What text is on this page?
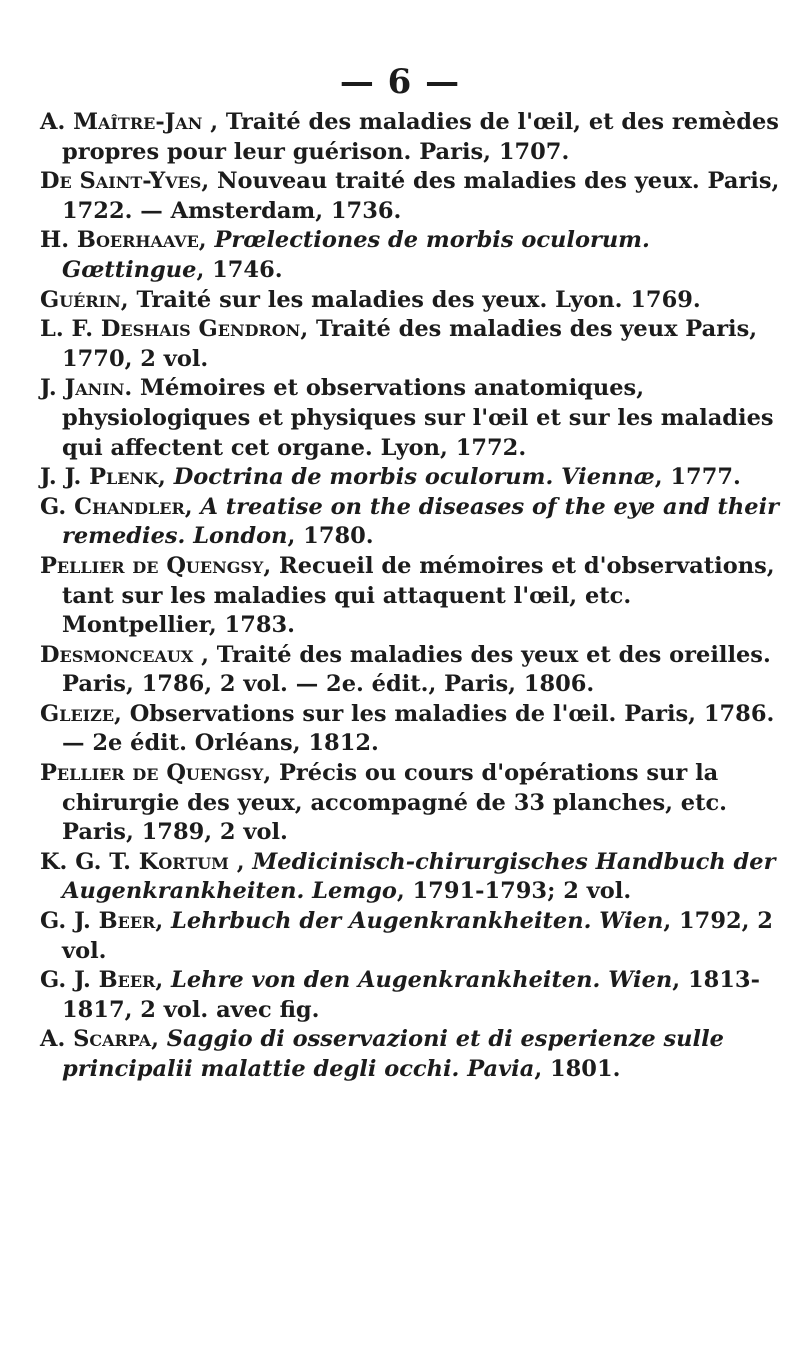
— 6 —
A. Maître-Jan , Traité des maladies de l'œil, et des remèdes propres pour leur guérison. Paris, 1707.
De Saint-Yves, Nouveau traité des maladies des yeux. Paris, 1722. — Amsterdam, 1736.
H. Boerhaave, Prœlectiones de morbis oculorum. Gœttingue, 1746.
Guérin, Traité sur les maladies des yeux. Lyon. 1769.
L. F. Deshais Gendron, Traité des maladies des yeux Paris, 1770, 2 vol.
J. Janin. Mémoires et observations anatomiques, physiologiques et physiques sur l'œil et sur les maladies qui affectent cet organe. Lyon, 1772.
J. J. Plenk, Doctrina de morbis oculorum. Viennæ, 1777.
G. Chandler, A treatise on the diseases of the eye and their remedies. London, 1780.
Pellier de Quengsy, Recueil de mémoires et d'observations, tant sur les maladies qui attaquent l'œil, etc. Montpellier, 1783.
Desmonceaux , Traité des maladies des yeux et des oreilles. Paris, 1786, 2 vol. — 2e. édit., Paris, 1806.
Gleize, Observations sur les maladies de l'œil. Paris, 1786. — 2e édit. Orléans, 1812.
Pellier de Quengsy, Précis ou cours d'opérations sur la chirurgie des yeux, accompagné de 33 planches, etc. Paris, 1789, 2 vol.
K. G. T. Kortum , Medicinisch-chirurgisches Handbuch der Augenkrankheiten. Lemgo, 1791-1793; 2 vol.
G. J. Beer, Lehrbuch der Augenkrankheiten. Wien, 1792, 2 vol.
G. J. Beer, Lehre von den Augenkrankheiten. Wien, 1813-1817, 2 vol. avec fig.
A. Scarpa, Saggio di osservazioni et di esperienze sulle principalii malattie degli occhi. Pavia, 1801.
